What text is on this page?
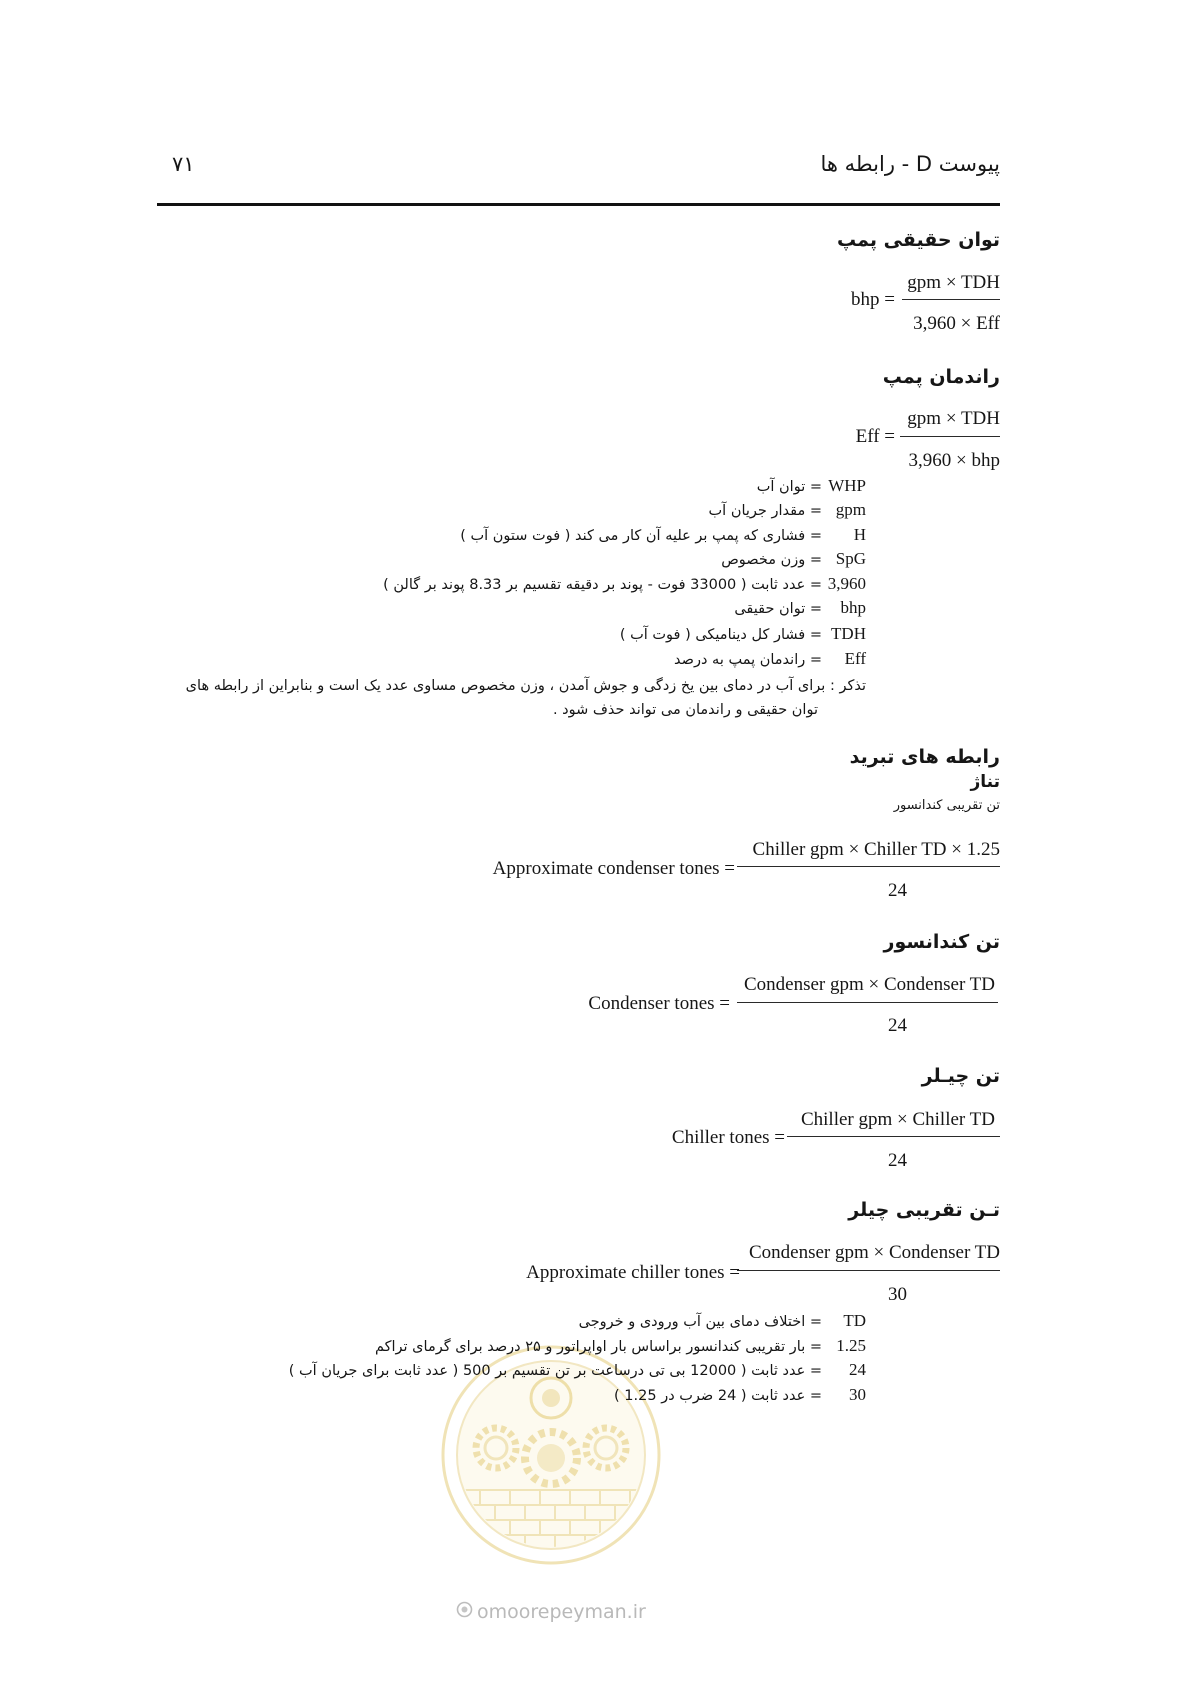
پیوست D - رابطه ها
۷۱
توان حقیقی پمپ
gpm × TDH
bhp =
3,960 × Eff
راندمان پمپ
gpm × TDH
Eff =
3,960 × bhp
WHP
= توان آب
gpm
= مقدار جریان آب
H
= فشاری که پمپ بر علیه آن کار می کند ( فوت ستون آب )
SpG
= وزن مخصوص
3,960
= عدد ثابت ( 33000 فوت - پوند بر دقیقه تقسیم بر 8.33 پوند بر گالن )
bhp
= توان حقیقی
TDH
= فشار کل دینامیکی ( فوت آب )
Eff
= راندمان پمپ به درصد
تذکر : برای آب در دمای بین یخ زدگی و جوش آمدن ، وزن مخصوص مساوی عدد یک است و بنابراین از رابطه های
توان حقیقی و راندمان می تواند حذف شود .
رابطه های تبرید
تناژ
تن تقریبی کندانسور
Chiller gpm × Chiller TD × 1.25
Approximate condenser tones =
24
تن کندانسور
Condenser gpm × Condenser TD
Condenser tones =
24
تن چیـلر
Chiller gpm × Chiller TD
Chiller tones =
24
تـن تقریبی چیلر
Condenser gpm × Condenser TD
Approximate chiller tones =
30
TD
= اختلاف دمای بین آب ورودی و خروجی
1.25
= بار تقریبی کندانسور براساس بار اواپراتور و ۲۵ درصد برای گرمای تراکم
24
= عدد ثابت ( 12000 بی تی درساعت بر تن تقسیم بر 500 ( عدد ثابت برای جریان آب )
30
= عدد ثابت ( 24 ضرب در 1.25 )
omoorepeyman.ir
